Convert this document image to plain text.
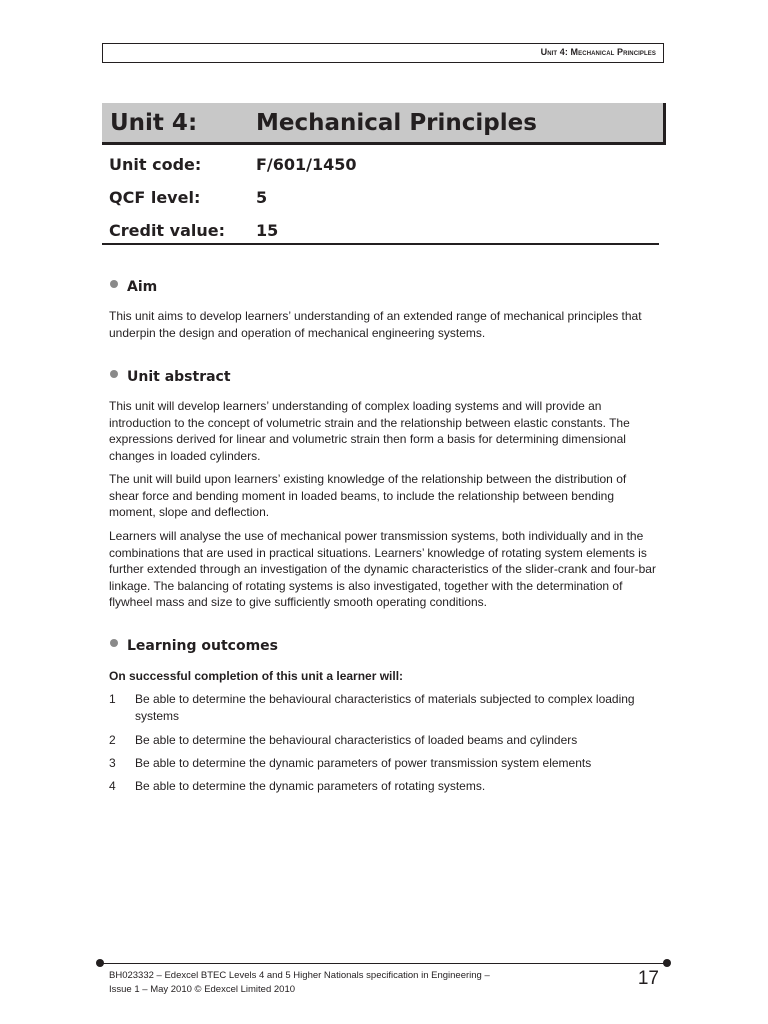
Unit 4: Mechanical Principles
Unit 4:	Mechanical Principles
Unit code:	F/601/1450
QCF level:	5
Credit value: 15
Aim

This unit aims to develop learners’ understanding of an extended range of mechanical principles that underpin the design and operation of mechanical engineering systems.

Unit abstract

This unit will develop learners’ understanding of complex loading systems and will provide an introduction to the concept of volumetric strain and the relationship between elastic constants. The expressions derived for linear and volumetric strain then form a basis for determining dimensional changes in loaded cylinders.

The unit will build upon learners’ existing knowledge of the relationship between the distribution of shear force and bending moment in loaded beams, to include the relationship between bending moment, slope and deflection.

Learners will analyse the use of mechanical power transmission systems, both individually and in the combinations that are used in practical situations. Learners’ knowledge of rotating system elements is further extended through an investigation of the dynamic characteristics of the slider-crank and four-bar linkage. The balancing of rotating systems is also investigated, together with the determination of flywheel mass and size to give sufficiently smooth operating conditions.

Learning outcomes
On successful completion of this unit a learner will:
1 Be able to determine the behavioural characteristics of materials subjected to complex loading systems
2 Be able to determine the behavioural characteristics of loaded beams and cylinders
3 Be able to determine the dynamic parameters of power transmission system elements
4 Be able to determine the dynamic parameters of rotating systems.
BH023332 – Edexcel BTEC Levels 4 and 5 Higher Nationals specification in Engineering –
Issue 1 – May 2010 © Edexcel Limited 2010
17
